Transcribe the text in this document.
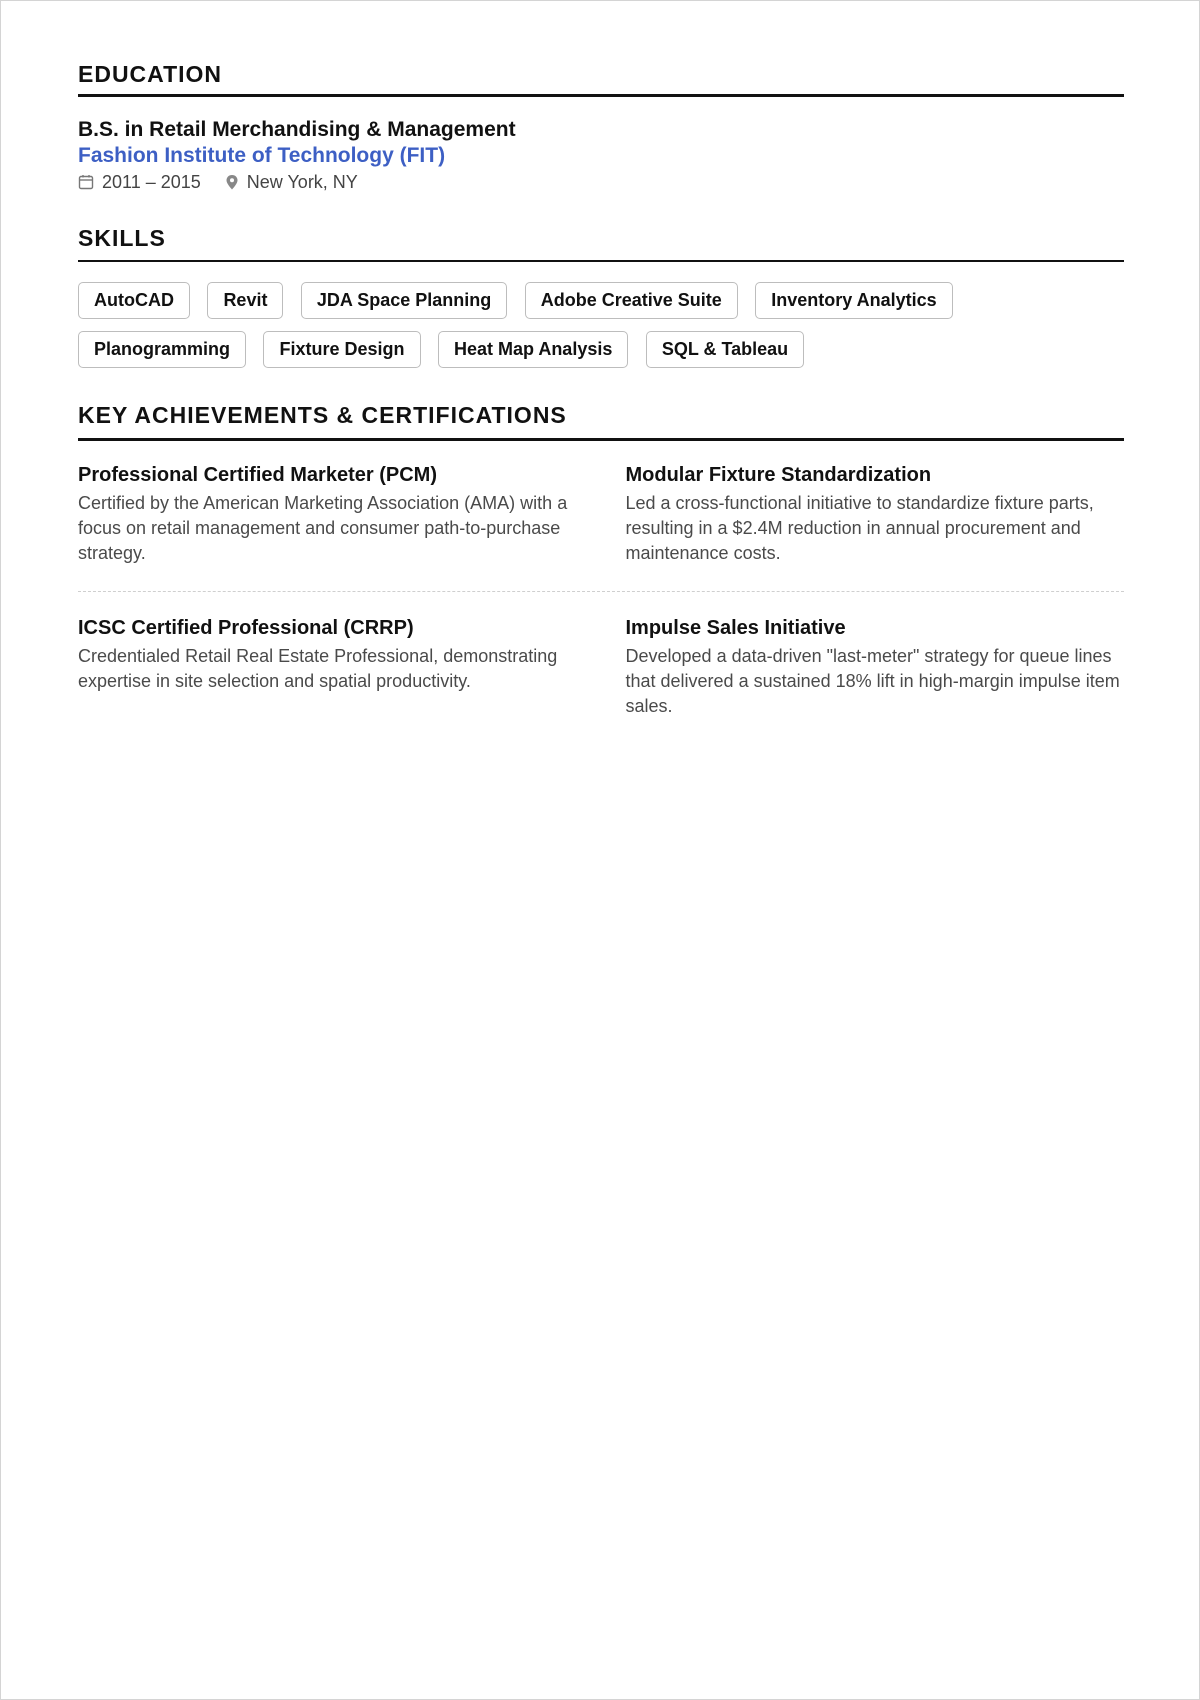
EDUCATION
B.S. in Retail Merchandising & Management
Fashion Institute of Technology (FIT)
2011 – 2015	New York, NY
SKILLS
AutoCAD	Revit	JDA Space Planning	Adobe Creative Suite	Inventory Analytics
Planogramming	Fixture Design	Heat Map Analysis	SQL & Tableau
KEY ACHIEVEMENTS & CERTIFICATIONS
Professional Certified Marketer (PCM)
Certified by the American Marketing Association (AMA) with a focus on retail management and consumer path-to-purchase strategy.
Modular Fixture Standardization
Led a cross-functional initiative to standardize fixture parts, resulting in a $2.4M reduction in annual procurement and maintenance costs.
ICSC Certified Professional (CRRP)
Credentialed Retail Real Estate Professional, demonstrating expertise in site selection and spatial productivity.
Impulse Sales Initiative
Developed a data-driven "last-meter" strategy for queue lines that delivered a sustained 18% lift in high-margin impulse item sales.
